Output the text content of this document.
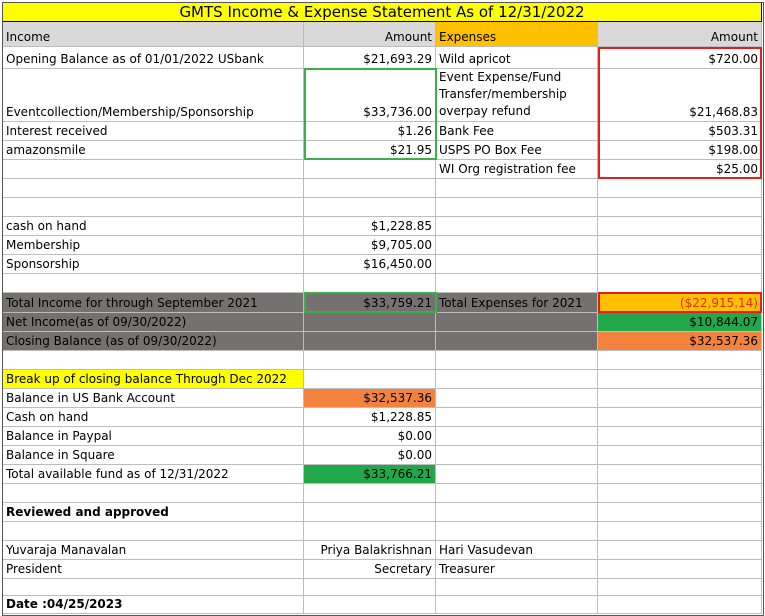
GMTS Income & Expense Statement As of 12/31/2022
Income	Amount Expenses	Amount
Opening Balance as of 01/01/2022 USbank	$21,693.29 Wild apricot	$720.00
Eventcollection/Membership/Sponsorship	$33,736.00
Event Expense/Fund Transfer/membership overpay refund	$21,468.83
Interest received	$1.26 Bank Fee	$503.31
amazonsmile	$21.95 USPS PO Box Fee	$198.00
WI Org registration fee	$25.00
cash on hand	$1,228.85
Membership	$9,705.00
Sponsorship	$16,450.00
Total Income for through September 2021	$33,759.21 Total Expenses for 2021	($22,915.14)
Net Income(as of 09/30/2022)	$10,844.07
Closing Balance (as of 09/30/2022)	$32,537.36
Break up of closing balance Through Dec 2022
Balance in US Bank Account	$32,537.36
Cash on hand	$1,228.85
Balance in Paypal	$0.00
Balance in Square	$0.00
Total available fund as of 12/31/2022	$33,766.21
Reviewed and approved
Yuvaraja Manavalan	Priya Balakrishnan Hari Vasudevan
President	Secretary Treasurer
Date :04/25/2023
